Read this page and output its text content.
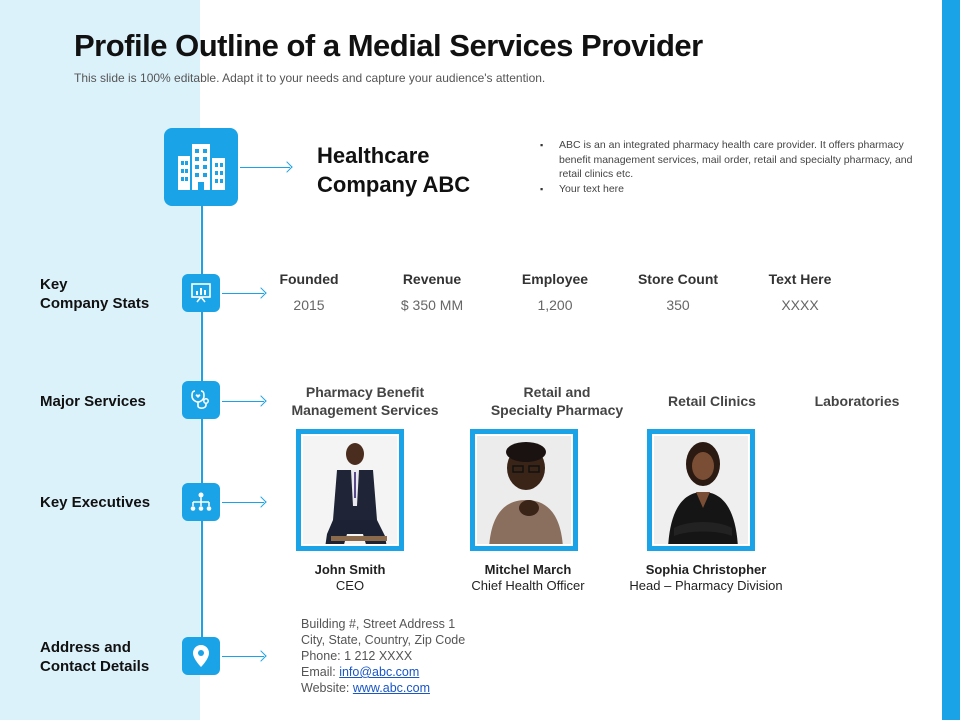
Profile Outline of a Medial Services Provider
This slide is 100% editable. Adapt it to your needs and capture your audience's attention.
Healthcare
Company ABC
▪ ABC is an an integrated pharmacy health care provider. It offers pharmacy benefit management services, mail order, retail and specialty pharmacy, and retail clinics etc.
▪ Your text here
Key
Company Stats
Founded
2015
Revenue
$ 350 MM
Employee
1,200
Store Count
350
Text Here
XXXX
Major Services
Pharmacy Benefit
Management Services
Retail and
Specialty Pharmacy
Retail Clinics	Laboratories
Key Executives
John Smith
CEO
Mitchel March
Chief Health Officer
Sophia Christopher
Head – Pharmacy Division
Address and
Contact Details
Building #, Street Address 1
City, State, Country, Zip Code
Phone: 1 212 XXXX
Email: info@abc.com
Website: www.abc.com
